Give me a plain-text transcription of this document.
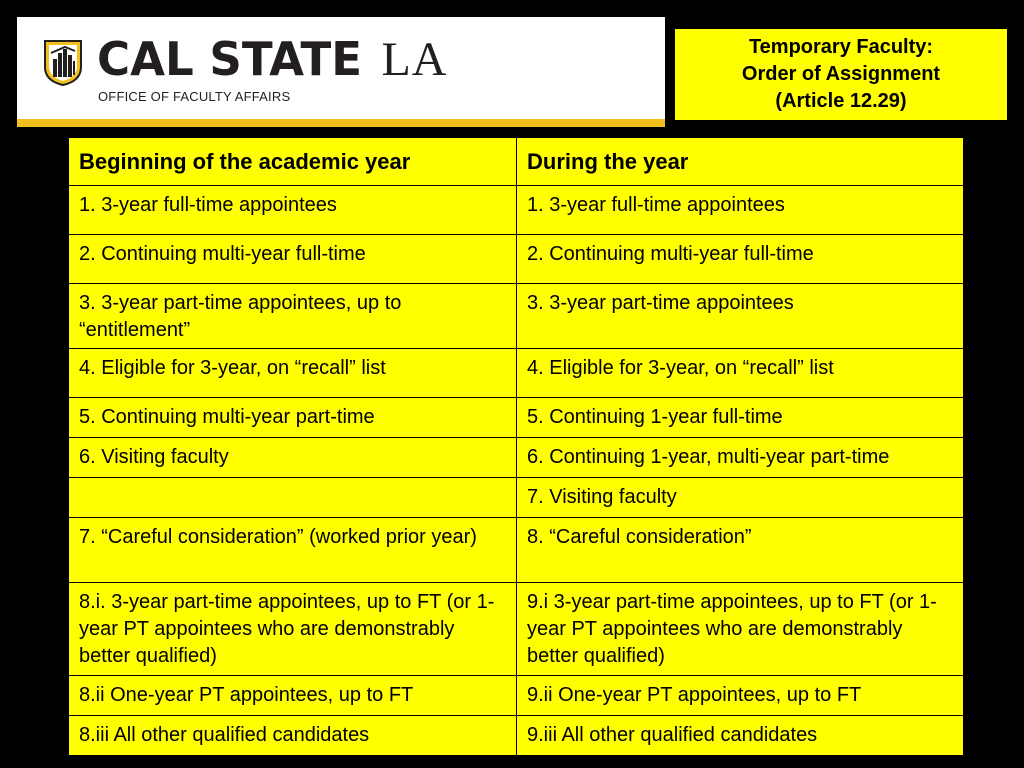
CAL STATE LA
OFFICE OF FACULTY AFFAIRS
Temporary Faculty:
Order of Assignment
(Article 12.29)
Beginning of the academic year	During the year
1. 3-year full-time appointees	1. 3-year full-time appointees
2. Continuing multi-year full-time	2. Continuing multi-year full-time
3. 3-year part-time appointees, up to “entitlement”	3. 3-year part-time appointees
4. Eligible for 3-year, on “recall” list	4. Eligible for 3-year, on “recall” list
5. Continuing multi-year part-time	5. Continuing 1-year full-time
6. Visiting faculty	6. Continuing 1-year, multi-year part-time
	7. Visiting faculty
7. “Careful consideration” (worked prior year)	8. “Careful consideration”
8.i. 3-year part-time appointees, up to FT (or 1-year PT appointees who are demonstrably better qualified)	9.i 3-year part-time appointees, up to FT (or 1-year PT appointees who are demonstrably better qualified)
8.ii One-year PT appointees, up to FT	9.ii One-year PT appointees, up to FT
8.iii All other qualified candidates	9.iii All other qualified candidates
